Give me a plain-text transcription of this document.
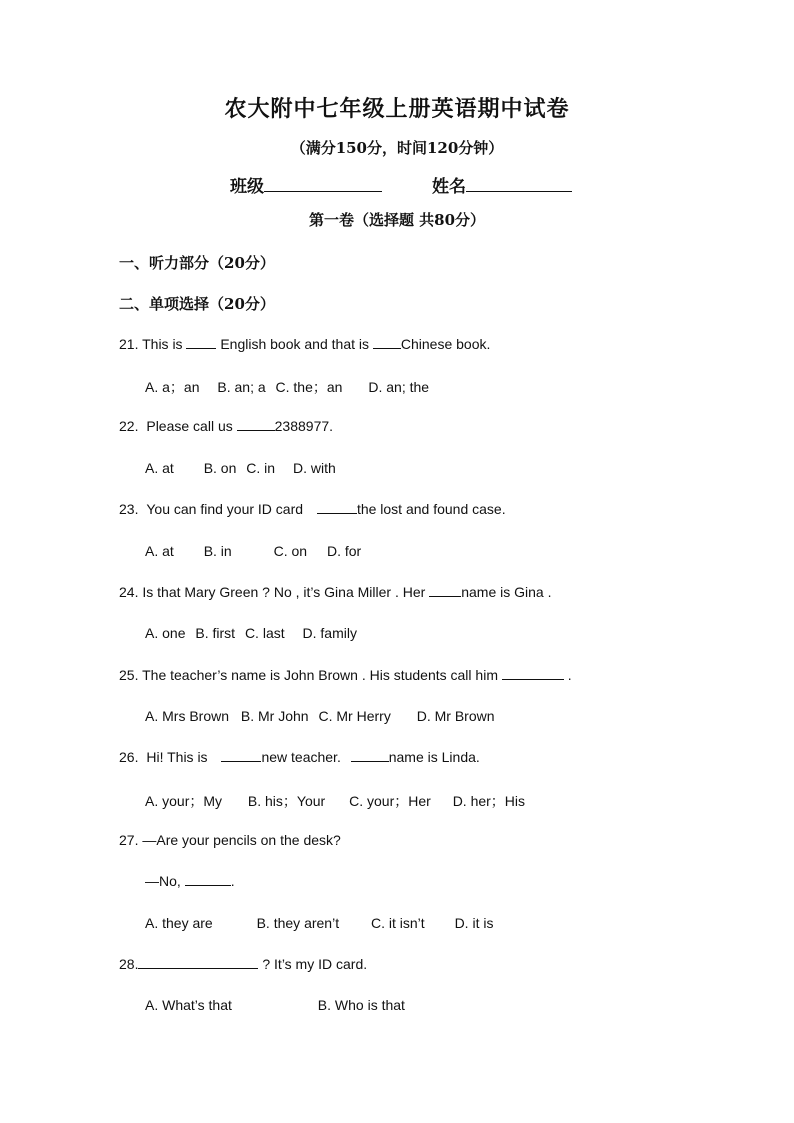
农大附中七年级上册英语期中试卷
（满分150分，时间120分钟）
班级	姓名
第一卷（选择题 共80分）
一、听力部分（20分）
二、单项选择（20分）
21. This is	English book and that is Chinese book.
A. a；an B. an; a C. the；an D. an; the
22. Please call us	2388977.
A. at B. on C. in D. with
23. You can find your ID card	the lost and found case.
A. at B. in	C. on D. for
24. Is that Mary Green ? No , it’s Gina Miller . Her	name is Gina .
A. one B. first C. last D. family
25. The teacher’s name is John Brown . His students call him	.
A. Mrs Brown B. Mr John C. Mr Herry D. Mr Brown
26. Hi! This is	new teacher.	name is Linda.
A. your；My B. his；Your C. your；Her D. her；His
27. —Are your pencils on the desk?
—No,	.
A. they are	B. they aren’t C. it isn’t D. it is
28.	? It’s my ID card.
A. What’s that	B. Who is that
